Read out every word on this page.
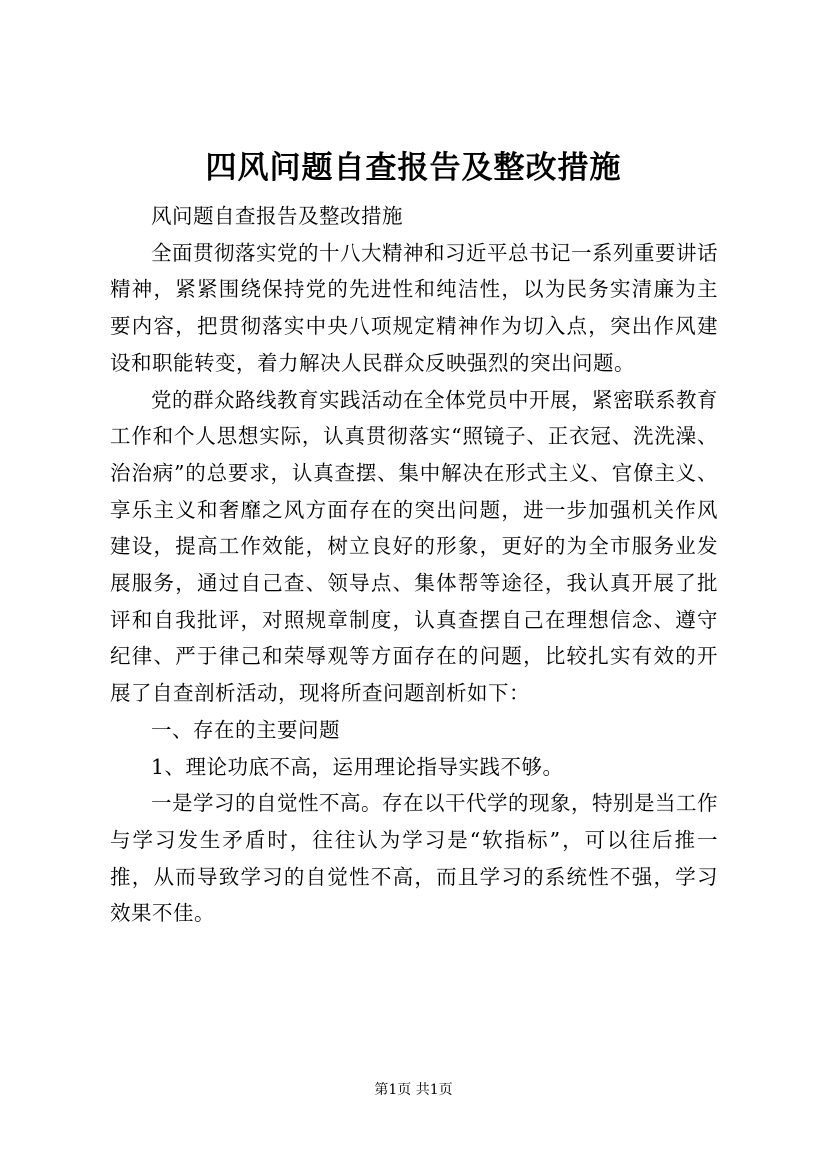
四风问题自查报告及整改措施

风问题自查报告及整改措施

全面贯彻落实党的十八大精神和习近平总书记一系列重要讲话精神，紧紧围绕保持党的先进性和纯洁性，以为民务实清廉为主要内容，把贯彻落实中央八项规定精神作为切入点，突出作风建设和职能转变，着力解决人民群众反映强烈的突出问题。

党的群众路线教育实践活动在全体党员中开展，紧密联系教育工作和个人思想实际，认真贯彻落实“照镜子、正衣冠、洗洗澡、治治病”的总要求，认真查摆、集中解决在形式主义、官僚主义、享乐主义和奢靡之风方面存在的突出问题，进一步加强机关作风建设，提高工作效能，树立良好的形象，更好的为全市服务业发展服务，通过自己查、领导点、集体帮等途径，我认真开展了批评和自我批评，对照规章制度，认真查摆自己在理想信念、遵守纪律、严于律己和荣辱观等方面存在的问题，比较扎实有效的开展了自查剖析活动，现将所查问题剖析如下：

一、存在的主要问题

1、理论功底不高，运用理论指导实践不够。

一是学习的自觉性不高。存在以干代学的现象，特别是当工作与学习发生矛盾时，往往认为学习是“软指标”，可以往后推一推，从而导致学习的自觉性不高，而且学习的系统性不强，学习效果不佳。

第1页 共1页
